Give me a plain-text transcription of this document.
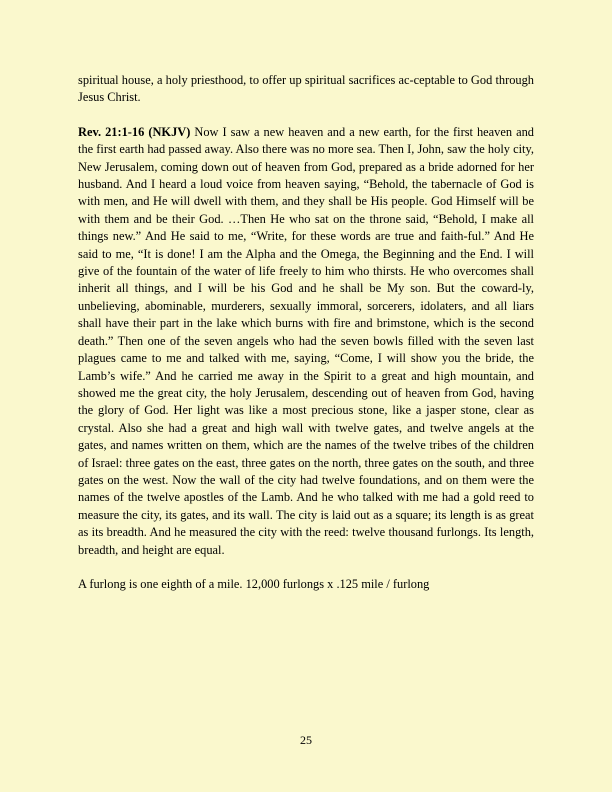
spiritual house, a holy priesthood, to offer up spiritual sacrifices ac-ceptable to God through Jesus Christ.

Rev. 21:1-16 (NKJV) Now I saw a new heaven and a new earth, for the first heaven and the first earth had passed away. Also there was no more sea. Then I, John, saw the holy city, New Jerusalem, coming down out of heaven from God, prepared as a bride adorned for her husband. And I heard a loud voice from heaven saying, “Behold, the tabernacle of God is with men, and He will dwell with them, and they shall be His people. God Himself will be with them and be their God. …Then He who sat on the throne said, “Behold, I make all things new.” And He said to me, “Write, for these words are true and faith-ful.” And He said to me, “It is done! I am the Alpha and the Omega, the Beginning and the End. I will give of the fountain of the water of life freely to him who thirsts. He who overcomes shall inherit all things, and I will be his God and he shall be My son. But the coward-ly, unbelieving, abominable, murderers, sexually immoral, sorcerers, idolaters, and all liars shall have their part in the lake which burns with fire and brimstone, which is the second death.” Then one of the seven angels who had the seven bowls filled with the seven last plagues came to me and talked with me, saying, “Come, I will show you the bride, the Lamb’s wife.” And he carried me away in the Spirit to a great and high mountain, and showed me the great city, the holy Jerusalem, descending out of heaven from God, having the glory of God. Her light was like a most precious stone, like a jasper stone, clear as crystal. Also she had a great and high wall with twelve gates, and twelve angels at the gates, and names written on them, which are the names of the twelve tribes of the children of Israel: three gates on the east, three gates on the north, three gates on the south, and three gates on the west. Now the wall of the city had twelve foundations, and on them were the names of the twelve apostles of the Lamb. And he who talked with me had a gold reed to measure the city, its gates, and its wall. The city is laid out as a square; its length is as great as its breadth. And he measured the city with the reed: twelve thousand furlongs. Its length, breadth, and height are equal.

A furlong is one eighth of a mile. 12,000 furlongs x .125 mile / furlong

25
